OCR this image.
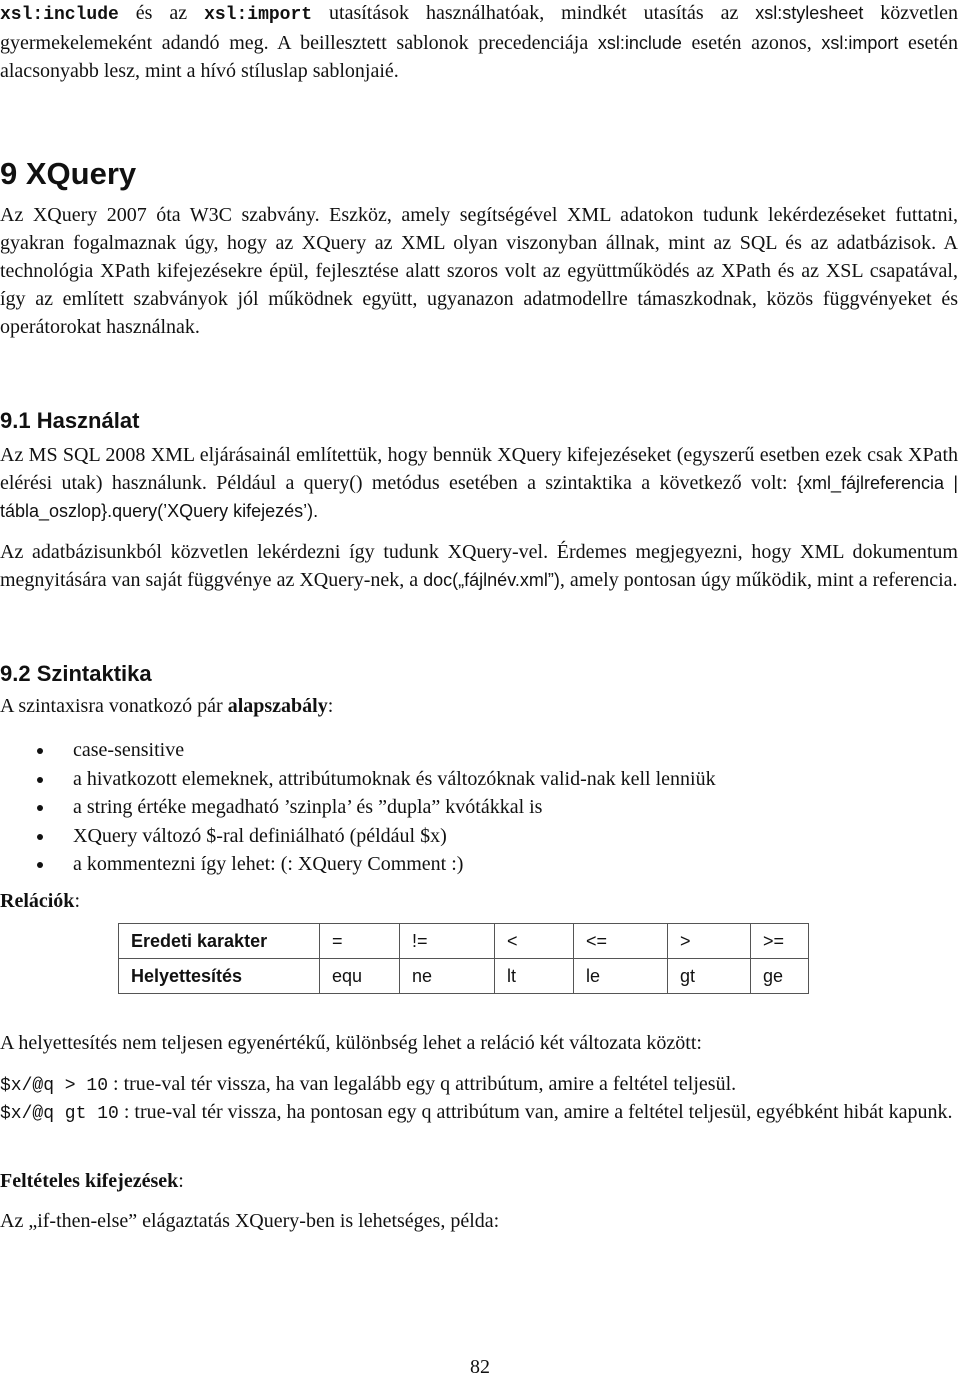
xsl:include és az xsl:import utasítások használhatóak, mindkét utasítás az xsl:stylesheet közvetlen gyermekelemeként adandó meg. A beillesztett sablonok precedenciája xsl:include esetén azonos, xsl:import esetén alacsonyabb lesz, mint a hívó stíluslap sablonjaié.

9 XQuery

Az XQuery 2007 óta W3C szabvány. Eszköz, amely segítségével XML adatokon tudunk lekérdezéseket futtatni, gyakran fogalmaznak úgy, hogy az XQuery az XML olyan viszonyban állnak, mint az SQL és az adatbázisok. A technológia XPath kifejezésekre épül, fejlesztése alatt szoros volt az együttműködés az XPath és az XSL csapatával, így az említett szabványok jól működnek együtt, ugyanazon adatmodellre támaszkodnak, közös függvényeket és operátorokat használnak.

9.1 Használat

Az MS SQL 2008 XML eljárásainál említettük, hogy bennük XQuery kifejezéseket (egyszerű esetben ezek csak XPath elérési utak) használunk. Például a query() metódus esetében a szintaktika a következő volt: {xml_fájlreferencia | tábla_oszlop}.query(’XQuery kifejezés’).

Az adatbázisunkból közvetlen lekérdezni így tudunk XQuery-vel. Érdemes megjegyezni, hogy XML dokumentum megnyitására van saját függvénye az XQuery-nek, a doc(„fájlnév.xml”), amely pontosan úgy működik, mint a referencia.

9.2 Szintaktika

A szintaxisra vonatkozó pár alapszabály:

case-sensitive
a hivatkozott elemeknek, attribútumoknak és változóknak valid-nak kell lenniük
a string értéke megadható ’szinpla’ és ”dupla” kvótákkal is
XQuery változó $-ral definiálható (például $x)
a kommentezni így lehet: (: XQuery Comment :)

Relációk:

Eredeti karakter	=	!=	<	<=	>	>=
Helyettesítés	equ	ne	lt	le	gt	ge

A helyettesítés nem teljesen egyenértékű, különbség lehet a reláció két változata között:

$x/@q > 10 : true-val tér vissza, ha van legalább egy q attribútum, amire a feltétel teljesül.

$x/@q gt 10 : true-val tér vissza, ha pontosan egy q attribútum van, amire a feltétel teljesül, egyébként hibát kapunk.

Feltételes kifejezések:

Az „if-then-else” elágaztatás XQuery-ben is lehetséges, példa:

82
